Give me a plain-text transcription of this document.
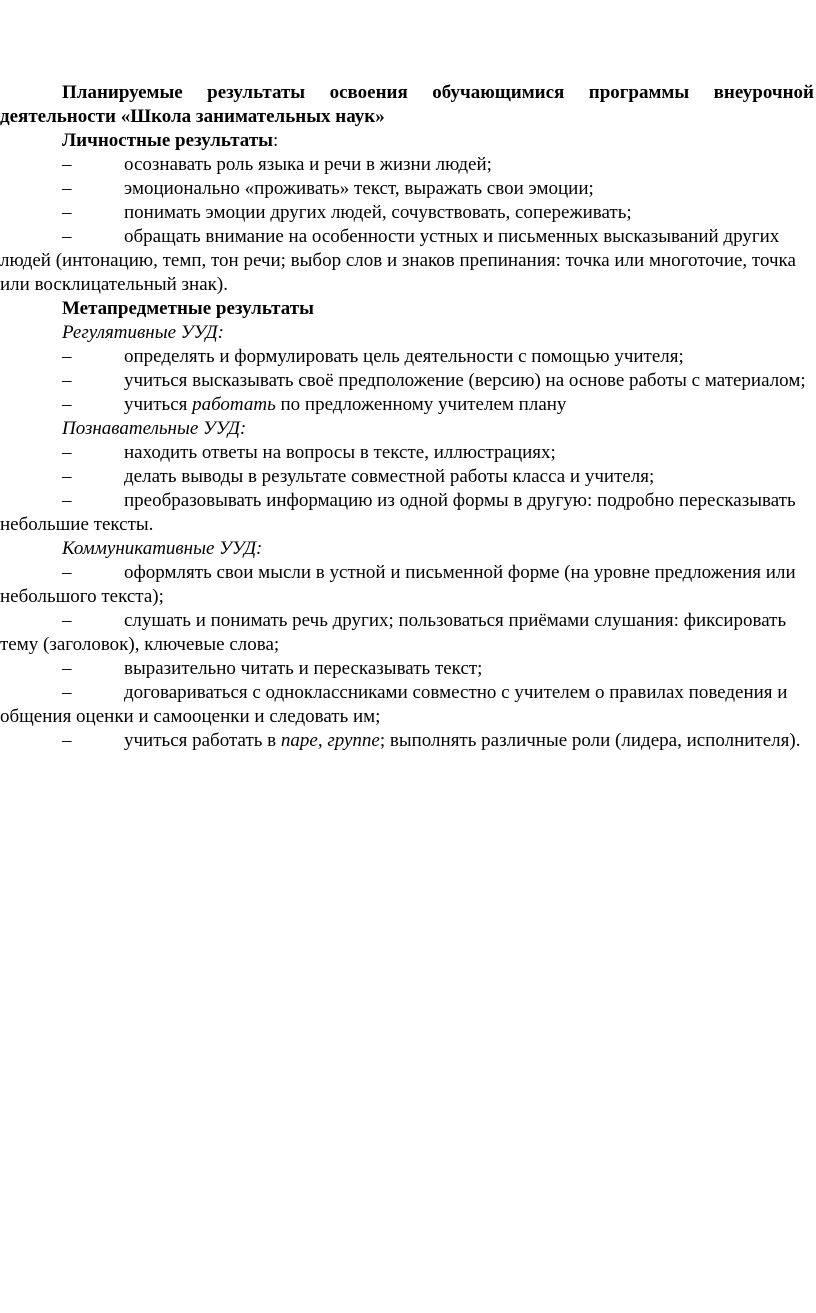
Планируемые результаты освоения обучающимися программы внеурочной деятельности «Школа занимательных наук»

Личностные результаты:

–	осознавать роль языка и речи в жизни людей;

–	эмоционально «проживать» текст, выражать свои эмоции;

–	понимать эмоции других людей, сочувствовать, сопереживать;

–	обращать внимание на особенности устных и письменных высказываний других людей (интонацию, темп, тон речи; выбор слов и знаков препинания: точка или многоточие, точка или восклицательный знак).

Метапредметные результаты

Регулятивные УУД:

–	определять и формулировать цель деятельности с помощью учителя;

–	учиться высказывать своё предположение (версию) на основе работы с материалом;

–	учиться работать по предложенному учителем плану

Познавательные УУД:

–	находить ответы на вопросы в тексте, иллюстрациях;

–	делать выводы в результате совместной работы класса и учителя;

–	преобразовывать информацию из одной формы в другую: подробно пересказывать небольшие тексты.

Коммуникативные УУД:

–	оформлять свои мысли в устной и письменной форме (на уровне предложения или небольшого текста);

–	слушать и понимать речь других; пользоваться приёмами слушания: фиксировать тему (заголовок), ключевые слова;

–	выразительно читать и пересказывать текст;

–	договариваться с одноклассниками совместно с учителем о правилах поведения и общения оценки и самооценки и следовать им;

–	учиться работать в паре, группе; выполнять различные роли (лидера, исполнителя).
